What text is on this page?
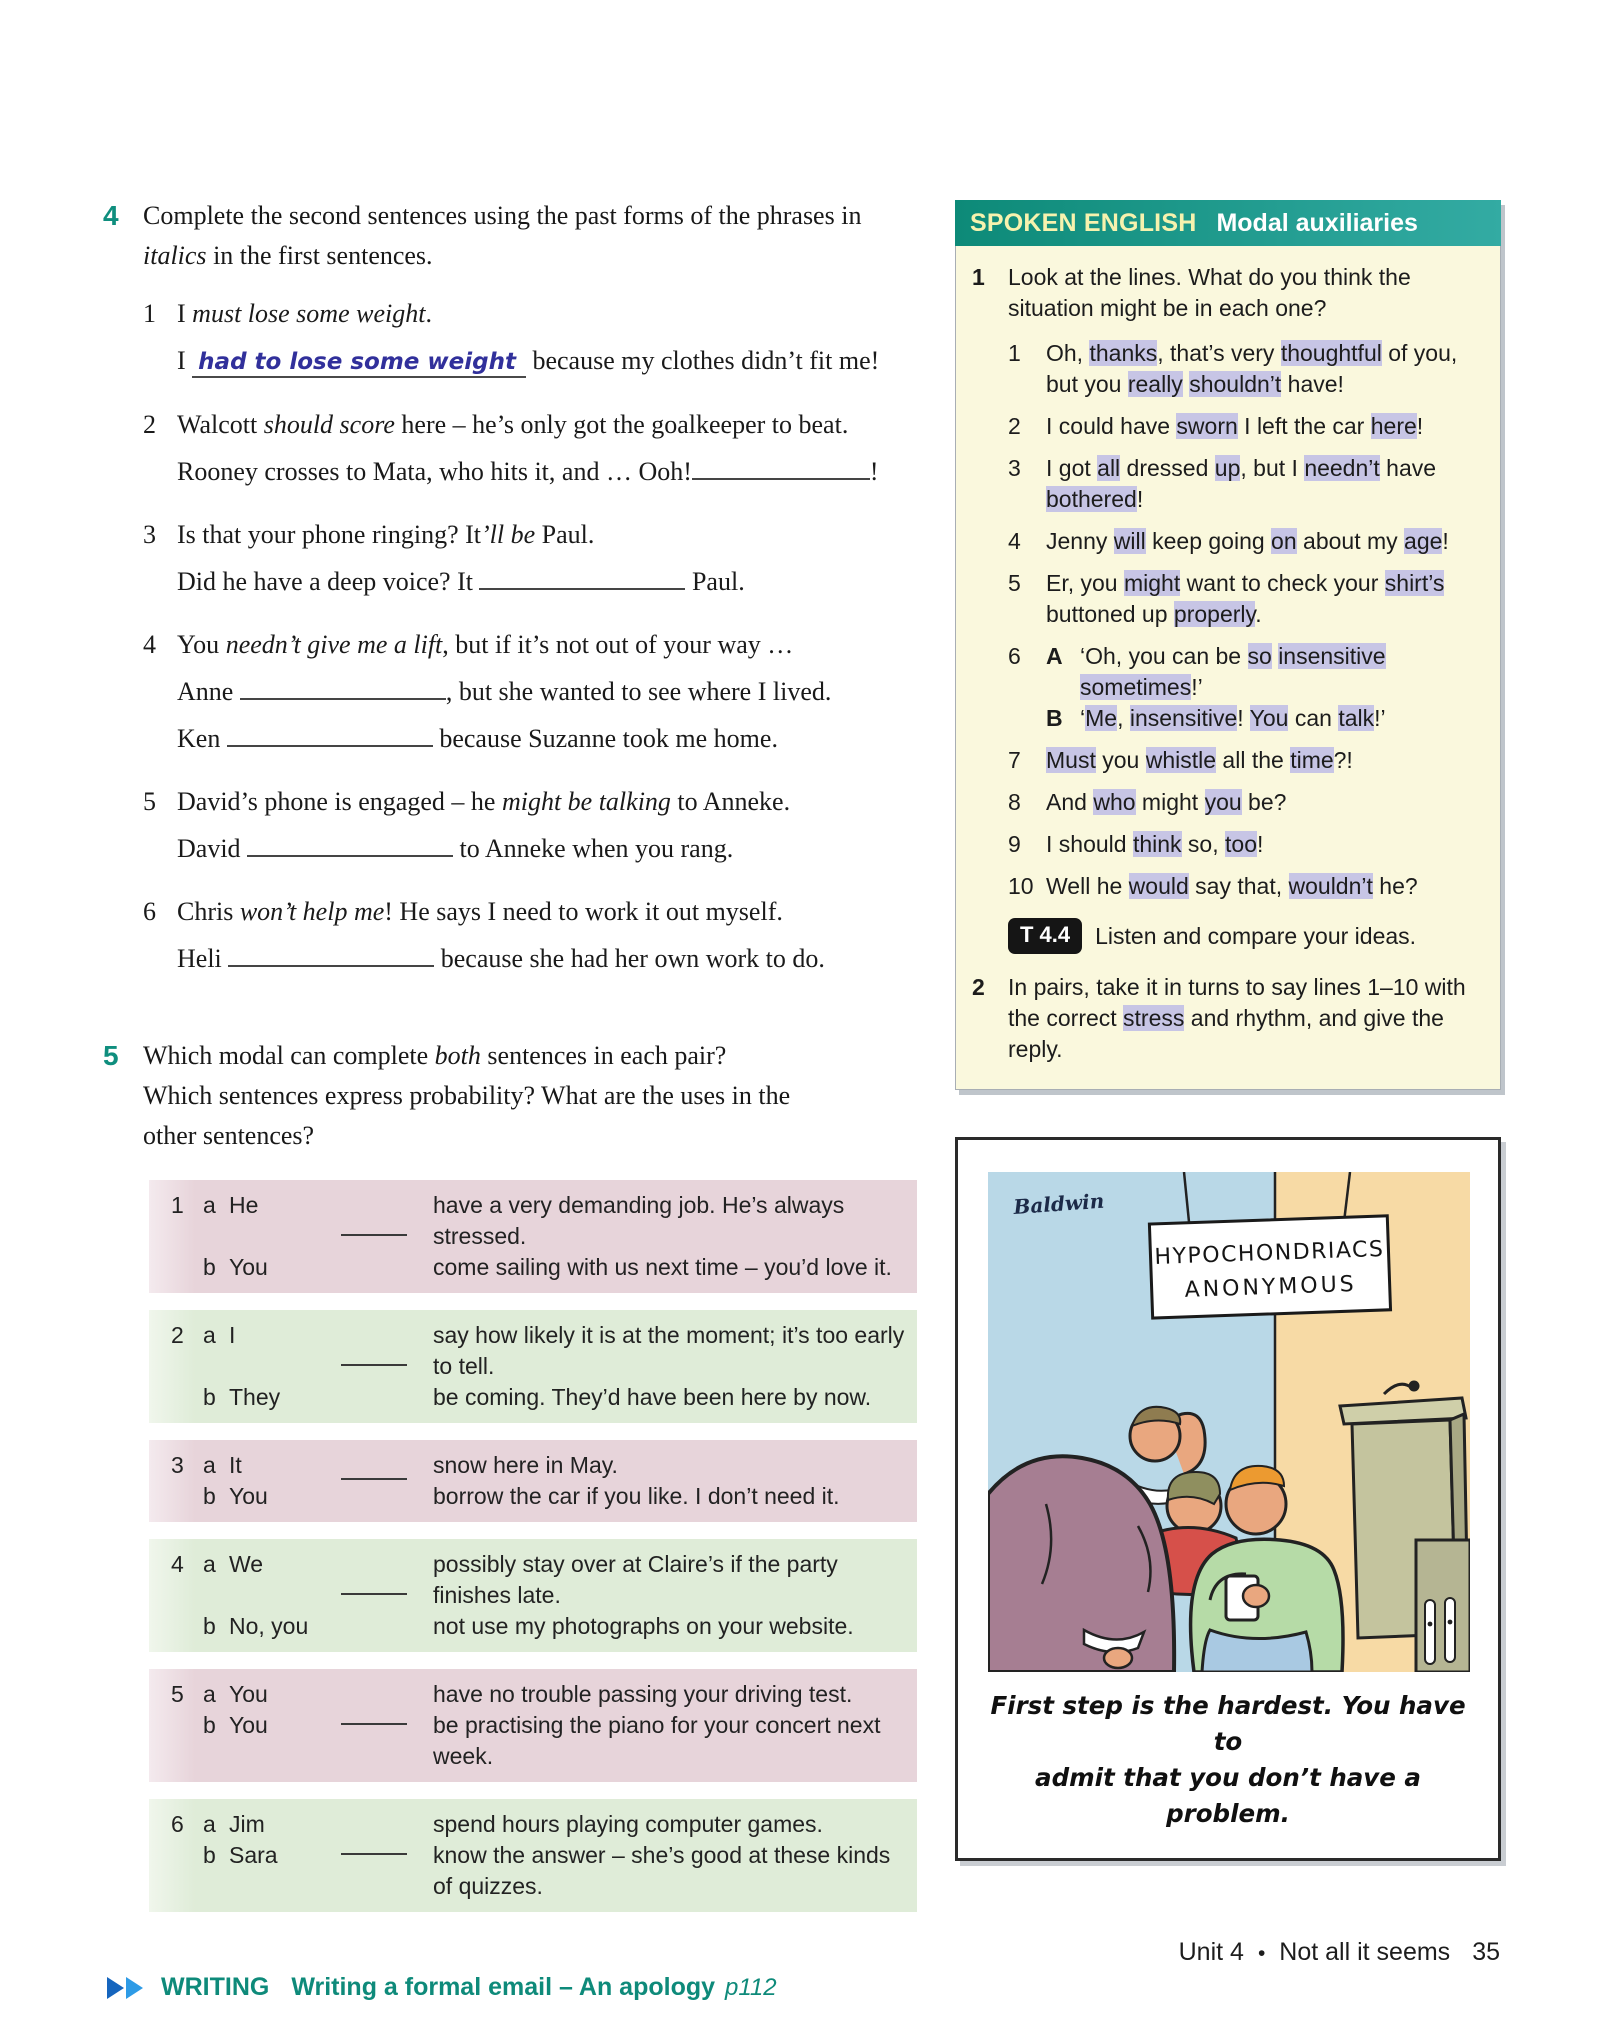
4 Complete the second sentences using the past forms of the phrases in italics in the first sentences.
1 I must lose some weight.
I had to lose some weight because my clothes didn’t fit me!
2 Walcott should score here – he’s only got the goalkeeper to beat.
Rooney crosses to Mata, who hits it, and … Ooh!	!
3 Is that your phone ringing? It’ll be Paul.
Did he have a deep voice? It	Paul.
4 You needn’t give me a lift, but if it’s not out of your way …
Anne	, but she wanted to see where I lived.
Ken	because Suzanne took me home.
5 David’s phone is engaged – he might be talking to Anneke.
David	to Anneke when you rang.
6 Chris won’t help me! He says I need to work it out myself.
Heli	because she had her own work to do.
5 Which modal can complete both sentences in each pair? Which sentences express probability? What are the uses in the other sentences?
1 a He	have a very demanding job. He’s always stressed.
b You	come sailing with us next time – you’d love it.
2 a I	say how likely it is at the moment; it’s too early to tell.
b They	be coming. They’d have been here by now.
3 a It	snow here in May.
b You	borrow the car if you like. I don’t need it.
4 a We	possibly stay over at Claire’s if the party finishes late.
b No, you	not use my photographs on your website.
5 a You	have no trouble passing your driving test.
b You	be practising the piano for your concert next week.
6 a Jim	spend hours playing computer games.
b Sara	know the answer – she’s good at these kinds of quizzes.
WRITING Writing a formal email – An apology p112
SPOKEN ENGLISH Modal auxiliaries
1	Look at the lines. What do you think the situation might be in each one?
1	Oh, thanks, that’s very thoughtful of you, but you really shouldn’t have!
2	I could have sworn I left the car here!
3	I got all dressed up, but I needn’t have bothered!
4	Jenny will keep going on about my age!
5	Er, you might want to check your shirt’s buttoned up properly.
6	A ‘Oh, you can be so insensitive sometimes!’
B ‘Me, insensitive! You can talk!’
7	Must you whistle all the time?!
8	And who might you be?
9	I should think so, too!
10 Well he would say that, wouldn’t he?
T 4.4	Listen and compare your ideas.
2	In pairs, take it in turns to say lines 1–10 with the correct stress and rhythm, and give the reply.
HYPOCHONDRIACS
ANONYMOUS
Baldwin
First step is the hardest. You have to
admit that you don’t have a problem.
Unit 4 • Not all it seems 35
